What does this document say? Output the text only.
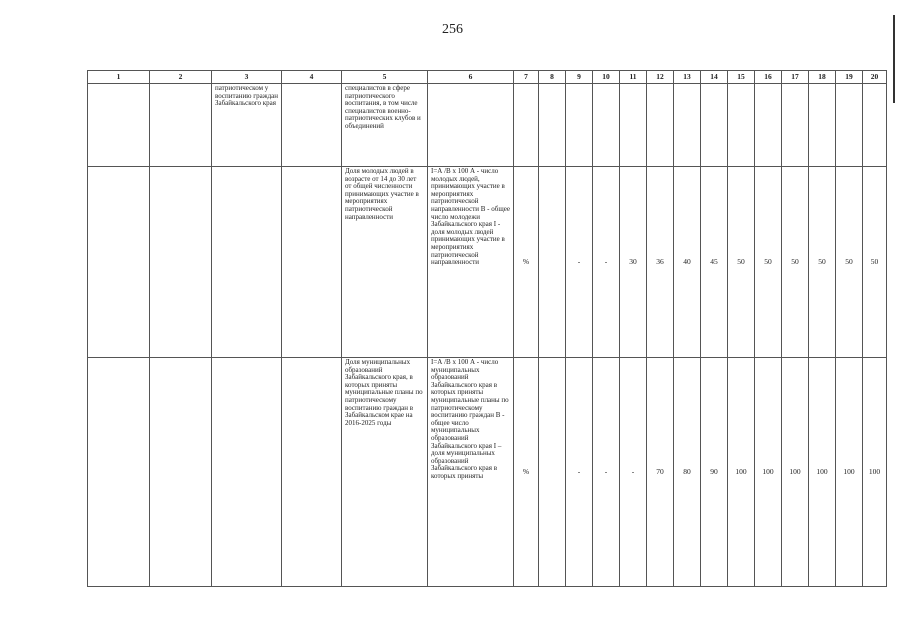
256
1	2	3	4	5	6	7	8	9	10	11	12	13	14	15	16	17	18	19	20
		патриотическом у воспитанию граждан Забайкальского края		специалистов в сфере патриотического воспитания, в том числе специалистов военно-патриотических клубов и объединений															
				Доля молодых людей в возрасте от 14 до 30 лет от общей численности принимающих участие в мероприятиях патриотической направленности	I=А /В х 100 А - число молодых людей, принимающих участие в мероприятиях патриотической направленности В - общее число молодежи Забайкальского края I - доля молодых людей принимающих участие в мероприятиях патриотической направленности	%		-	-	30	36	40	45	50	50	50	50	50	50
				Доля муниципальных образований Забайкальского края, в которых приняты муниципальные планы по патриотическому воспитанию граждан в Забайкальском крае на 2016-2025 годы	I=А /В х 100 А - число муниципальных образований Забайкальского края в которых приняты муниципальные планы по патриотическому воспитанию граждан В - общее число муниципальных образований Забайкальского края I – доля муниципальных образований Забайкальского края в которых приняты	%		-	-	-	70	80	90	100	100	100	100	100	100
